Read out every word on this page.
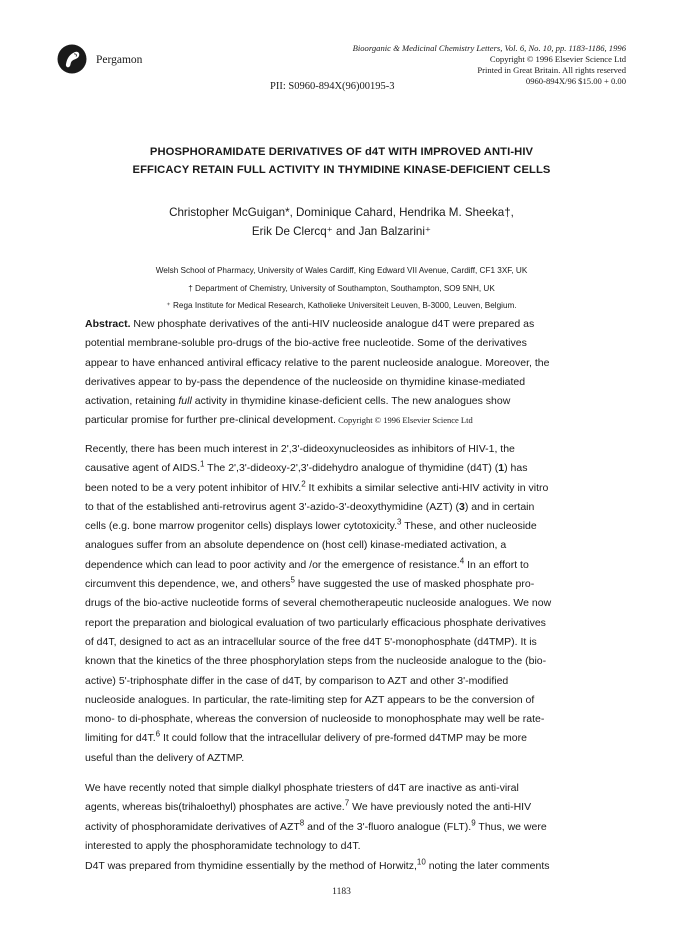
Pergamon
Bioorganic & Medicinal Chemistry Letters, Vol. 6, No. 10, pp. 1183-1186, 1996
Copyright © 1996 Elsevier Science Ltd
Printed in Great Britain. All rights reserved
0960-894X/96 $15.00 + 0.00
PII: S0960-894X(96)00195-3
PHOSPHORAMIDATE DERIVATIVES OF d4T WITH IMPROVED ANTI-HIV
EFFICACY RETAIN FULL ACTIVITY IN THYMIDINE KINASE-DEFICIENT CELLS
Christopher McGuigan*, Dominique Cahard, Hendrika M. Sheeka†,
Erik De Clercq⁺ and Jan Balzarini⁺
Welsh School of Pharmacy, University of Wales Cardiff, King Edward VII Avenue, Cardiff, CF1 3XF, UK
† Department of Chemistry, University of Southampton, Southampton, SO9 5NH, UK
⁺ Rega Institute for Medical Research, Katholieke Universiteit Leuven, B-3000, Leuven, Belgium.
Abstract. New phosphate derivatives of the anti-HIV nucleoside analogue d4T were prepared as
potential membrane-soluble pro-drugs of the bio-active free nucleotide. Some of the derivatives
appear to have enhanced antiviral efficacy relative to the parent nucleoside analogue. Moreover, the
derivatives appear to by-pass the dependence of the nucleoside on thymidine kinase-mediated
activation, retaining full activity in thymidine kinase-deficient cells. The new analogues show
particular promise for further pre-clinical development. Copyright © 1996 Elsevier Science Ltd
Recently, there has been much interest in 2',3'-dideoxynucleosides as inhibitors of HIV-1, the
causative agent of AIDS.$^1$ The 2',3'-dideoxy-2',3'-didehydro analogue of thymidine (d4T) (1) has
been noted to be a very potent inhibitor of HIV.$^2$ It exhibits a similar selective anti-HIV activity in vitro
to that of the established anti-retrovirus agent 3'-azido-3'-deoxythymidine (AZT) (3) and in certain
cells (e.g. bone marrow progenitor cells) displays lower cytotoxicity.$^3$ These, and other nucleoside
analogues suffer from an absolute dependence on (host cell) kinase-mediated activation, a
dependence which can lead to poor activity and /or the emergence of resistance.$^4$ In an effort to
circumvent this dependence, we, and others$^5$ have suggested the use of masked phosphate pro-
drugs of the bio-active nucleotide forms of several chemotherapeutic nucleoside analogues. We now
report the preparation and biological evaluation of two particularly efficacious phosphate derivatives
of d4T, designed to act as an intracellular source of the free d4T 5'-monophosphate (d4TMP). It is
known that the kinetics of the three phosphorylation steps from the nucleoside analogue to the (bio-
active) 5'-triphosphate differ in the case of d4T, by comparison to AZT and other 3'-modified
nucleoside analogues. In particular, the rate-limiting step for AZT appears to be the conversion of
mono- to di-phosphate, whereas the conversion of nucleoside to monophosphate may well be rate-
limiting for d4T.$^6$ It could follow that the intracellular delivery of pre-formed d4TMP may be more
useful than the delivery of AZTMP.
We have recently noted that simple dialkyl phosphate triesters of d4T are inactive as anti-viral
agents, whereas bis(trihaloethyl) phosphates are active.$^7$ We have previously noted the anti-HIV
activity of phosphoramidate derivatives of AZT$^8$ and of the 3'-fluoro analogue (FLT).$^9$ Thus, we were
interested to apply the phosphoramidate technology to d4T.
D4T was prepared from thymidine essentially by the method of Horwitz,$^{10}$ noting the later comments
1183
